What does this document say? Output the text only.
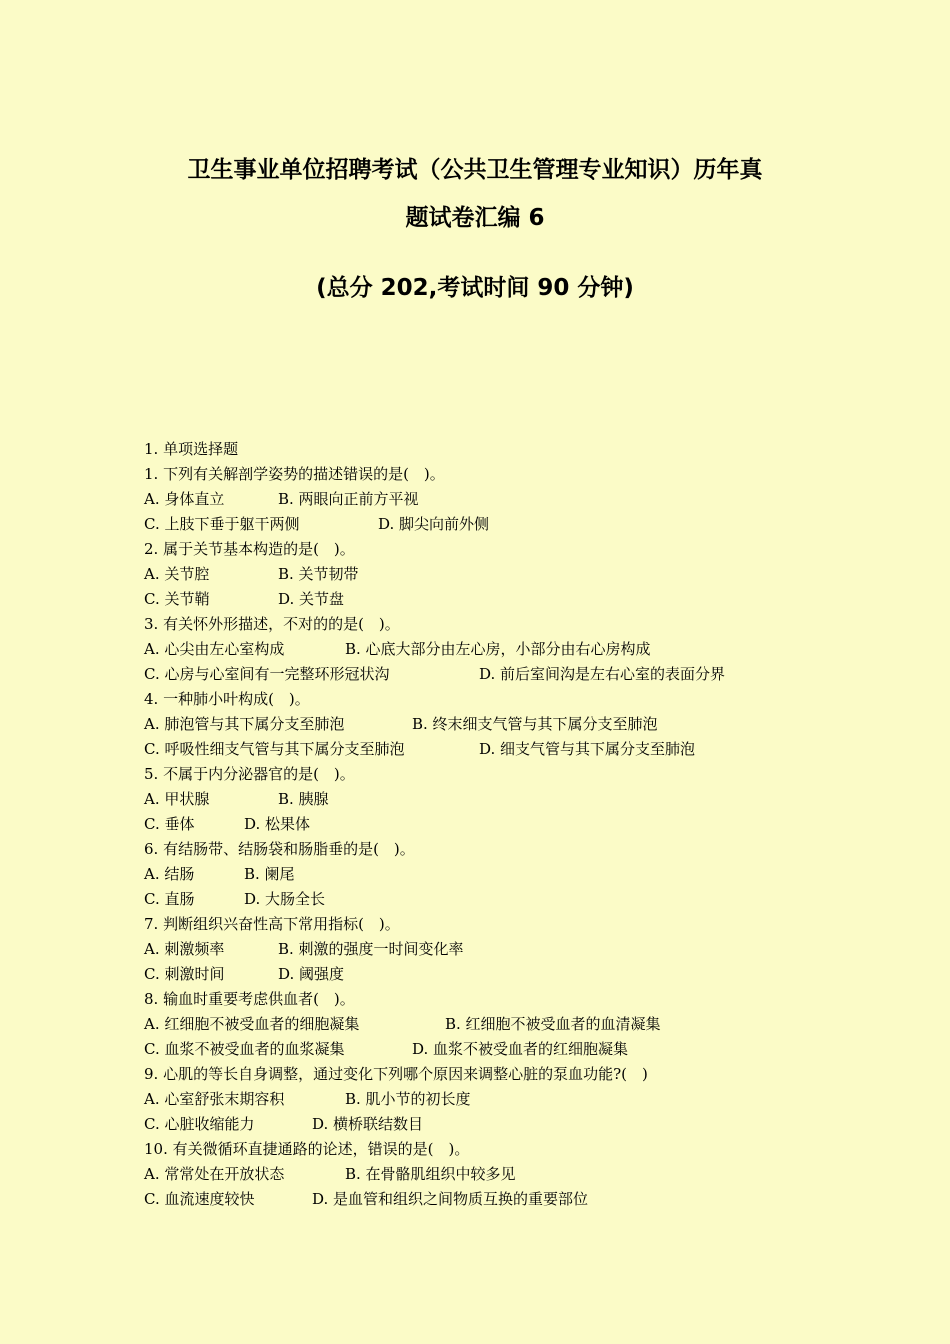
卫生事业单位招聘考试（公共卫生管理专业知识）历年真
题试卷汇编 6
(总分 202,考试时间 90 分钟)
1. 单项选择题
1. 下列有关解剖学姿势的描述错误的是(　)。
A. 身体直立	B. 两眼向正前方平视
C. 上肢下垂于躯干两侧	D. 脚尖向前外侧
2. 属于关节基本构造的是(　)。
A. 关节腔	B. 关节韧带
C. 关节鞘	D. 关节盘
3. 有关怀外形描述，不对的的是(　)。
A. 心尖由左心室构成	B. 心底大部分由左心房，小部分由右心房构成
C. 心房与心室间有一完整环形冠状沟	D. 前后室间沟是左右心室的表面分界
4. 一种肺小叶构成(　)。
A. 肺泡管与其下属分支至肺泡	B. 终末细支气管与其下属分支至肺泡
C. 呼吸性细支气管与其下属分支至肺泡	D. 细支气管与其下属分支至肺泡
5. 不属于内分泌器官的是(　)。
A. 甲状腺	B. 胰腺
C. 垂体	D. 松果体
6. 有结肠带、结肠袋和肠脂垂的是(　)。
A. 结肠	B. 阑尾
C. 直肠	D. 大肠全长
7. 判断组织兴奋性高下常用指标(　)。
A. 刺激频率	B. 刺激的强度一时间变化率
C. 刺激时间	D. 阈强度
8. 输血时重要考虑供血者(　)。
A. 红细胞不被受血者的细胞凝集	B. 红细胞不被受血者的血清凝集
C. 血浆不被受血者的血浆凝集	D. 血浆不被受血者的红细胞凝集
9. 心肌的等长自身调整，通过变化下列哪个原因来调整心脏的泵血功能?(　)
A. 心室舒张末期容积	B. 肌小节的初长度
C. 心脏收缩能力	D. 横桥联结数目
10. 有关微循环直捷通路的论述，错误的是(　)。
A. 常常处在开放状态	B. 在骨骼肌组织中较多见
C. 血流速度较快	D. 是血管和组织之间物质互换的重要部位
